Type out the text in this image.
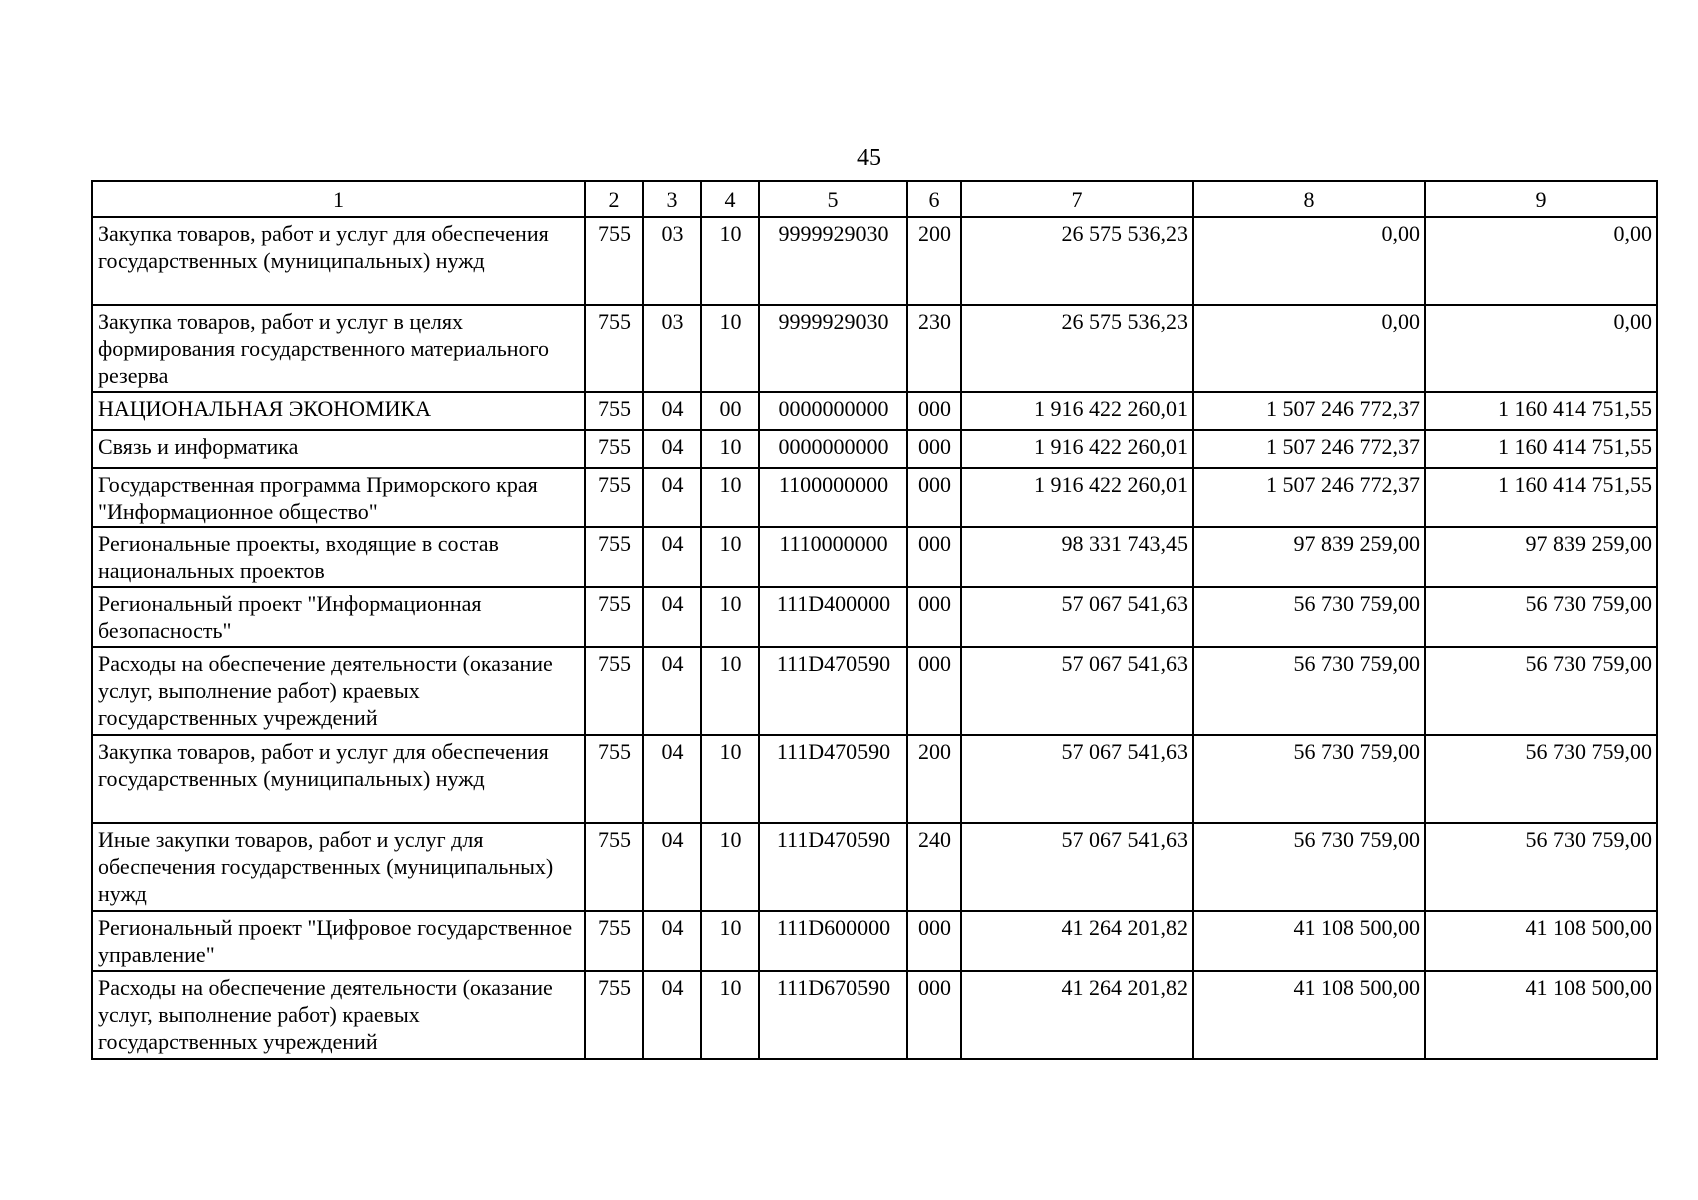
45
1	2	3	4	5	6	7	8	9
Закупка товаров, работ и услуг для обеспечения государственных (муниципальных) нужд	755	03	10	9999929030	200	26 575 536,23	0,00	0,00
Закупка товаров, работ и услуг в целях формирования государственного материального резерва	755	03	10	9999929030	230	26 575 536,23	0,00	0,00
НАЦИОНАЛЬНАЯ ЭКОНОМИКА	755	04	00	0000000000	000	1 916 422 260,01	1 507 246 772,37	1 160 414 751,55
Связь и информатика	755	04	10	0000000000	000	1 916 422 260,01	1 507 246 772,37	1 160 414 751,55
Государственная программа Приморского края "Информационное общество"	755	04	10	1100000000	000	1 916 422 260,01	1 507 246 772,37	1 160 414 751,55
Региональные проекты, входящие в состав национальных проектов	755	04	10	1110000000	000	98 331 743,45	97 839 259,00	97 839 259,00
Региональный проект "Информационная безопасность"	755	04	10	111D400000	000	57 067 541,63	56 730 759,00	56 730 759,00
Расходы на обеспечение деятельности (оказание услуг, выполнение работ) краевых государственных учреждений	755	04	10	111D470590	000	57 067 541,63	56 730 759,00	56 730 759,00
Закупка товаров, работ и услуг для обеспечения государственных (муниципальных) нужд	755	04	10	111D470590	200	57 067 541,63	56 730 759,00	56 730 759,00
Иные закупки товаров, работ и услуг для обеспечения государственных (муниципальных) нужд	755	04	10	111D470590	240	57 067 541,63	56 730 759,00	56 730 759,00
Региональный проект "Цифровое государственное управление"	755	04	10	111D600000	000	41 264 201,82	41 108 500,00	41 108 500,00
Расходы на обеспечение деятельности (оказание услуг, выполнение работ) краевых государственных учреждений	755	04	10	111D670590	000	41 264 201,82	41 108 500,00	41 108 500,00
